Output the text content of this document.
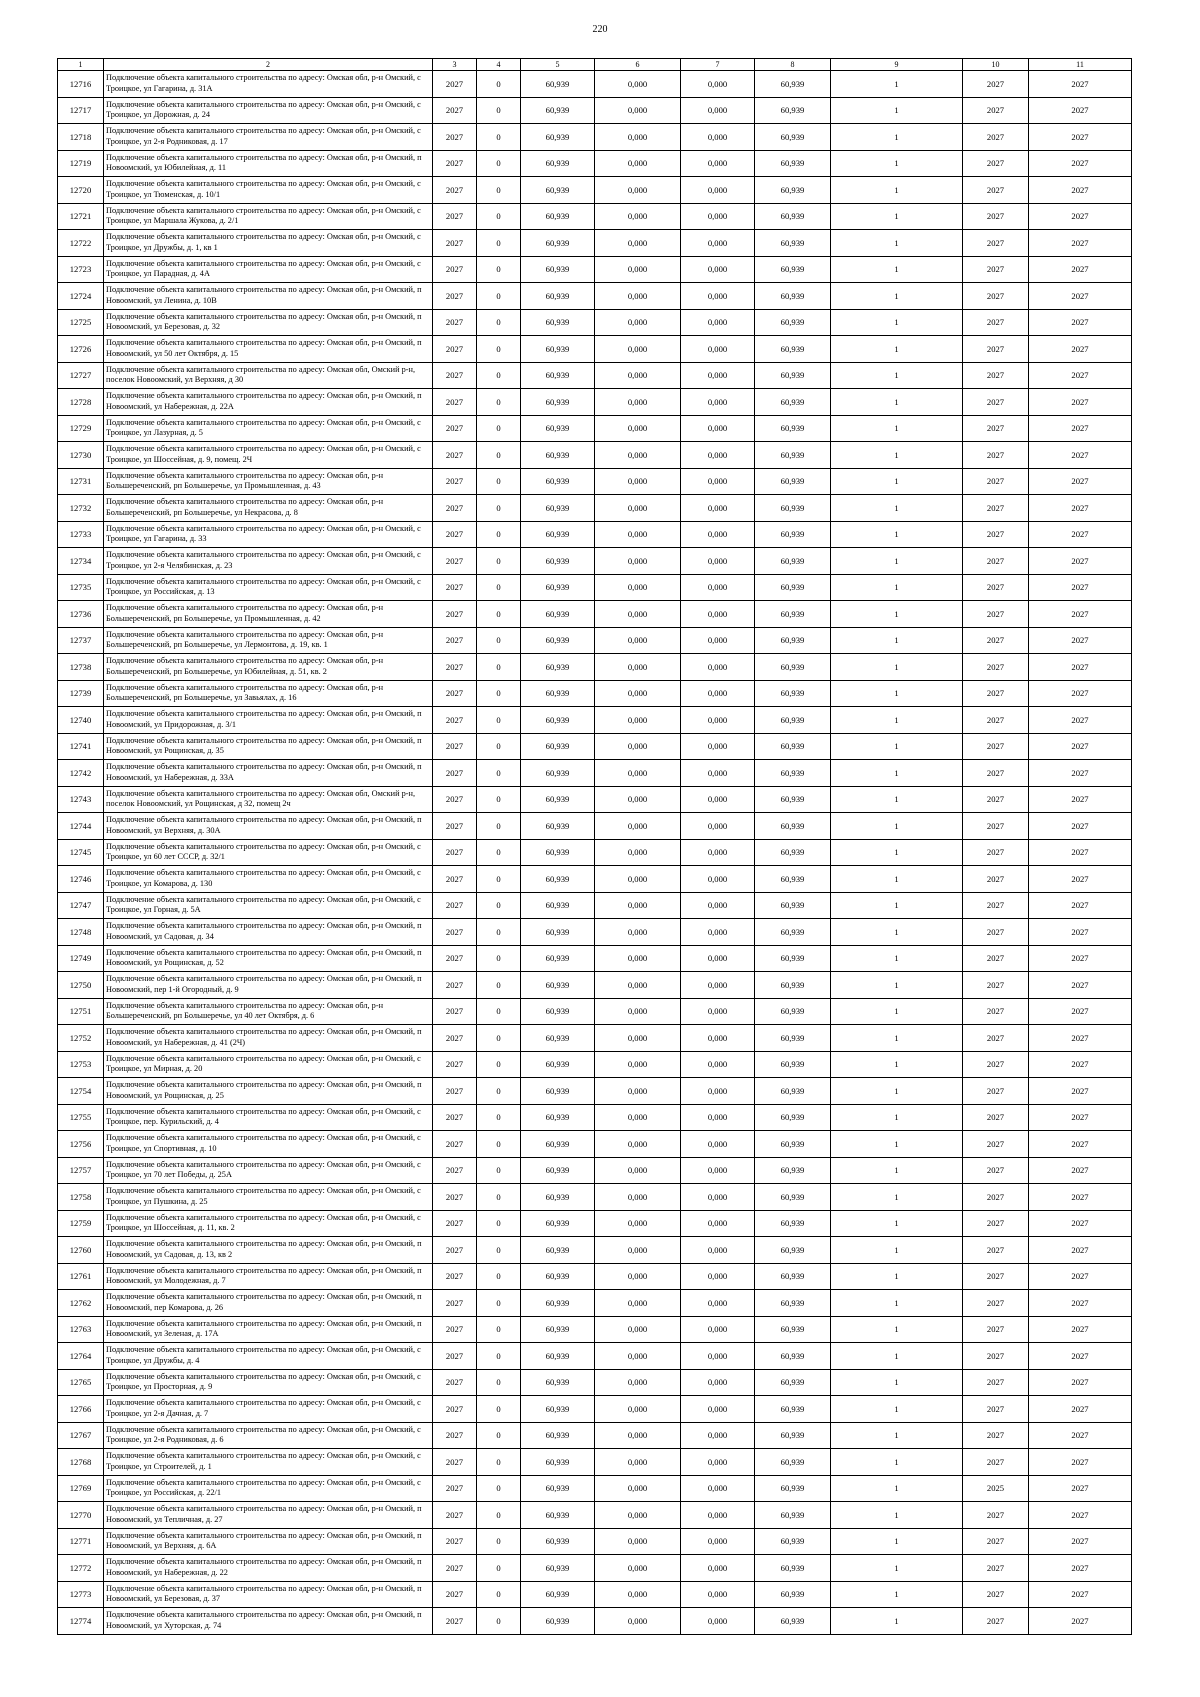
220
1	2	3	4	5	6	7	8	9	10	11
12716	Подключение объекта капитального строительства по адресу: Омская обл, р-н Омский, с Троицкое, ул Гагарина, д. 31А	2027	0	60,939	0,000	0,000	60,939	1	2027	2027
12717	Подключение объекта капитального строительства по адресу: Омская обл, р-н Омский, с Троицкое, ул Дорожная, д. 24	2027	0	60,939	0,000	0,000	60,939	1	2027	2027
12718	Подключение объекта капитального строительства по адресу: Омская обл, р-н Омский, с Троицкое, ул 2-я Родниковая, д. 17	2027	0	60,939	0,000	0,000	60,939	1	2027	2027
12719	Подключение объекта капитального строительства по адресу: Омская обл, р-н Омский, п Новоомский, ул Юбилейная, д. 11	2027	0	60,939	0,000	0,000	60,939	1	2027	2027
12720	Подключение объекта капитального строительства по адресу: Омская обл, р-н Омский, с Троицкое, ул Тюменская, д. 10/1	2027	0	60,939	0,000	0,000	60,939	1	2027	2027
12721	Подключение объекта капитального строительства по адресу: Омская обл, р-н Омский, с Троицкое, ул Маршала Жукова, д. 2/1	2027	0	60,939	0,000	0,000	60,939	1	2027	2027
12722	Подключение объекта капитального строительства по адресу: Омская обл, р-н Омский, с Троицкое, ул Дружбы, д. 1, кв 1	2027	0	60,939	0,000	0,000	60,939	1	2027	2027
12723	Подключение объекта капитального строительства по адресу: Омская обл, р-н Омский, с Троицкое, ул Парадная, д. 4А	2027	0	60,939	0,000	0,000	60,939	1	2027	2027
12724	Подключение объекта капитального строительства по адресу: Омская обл, р-н Омский, п Новоомский, ул Ленина, д. 10В	2027	0	60,939	0,000	0,000	60,939	1	2027	2027
12725	Подключение объекта капитального строительства по адресу: Омская обл, р-н Омский, п Новоомский, ул Березовая, д. 32	2027	0	60,939	0,000	0,000	60,939	1	2027	2027
12726	Подключение объекта капитального строительства по адресу: Омская обл, р-н Омский, п Новоомский, ул 50 лет Октября, д. 15	2027	0	60,939	0,000	0,000	60,939	1	2027	2027
12727	Подключение объекта капитального строительства по адресу: Омская обл, Омский р-н, поселок Новоомский, ул Верхняя, д 30	2027	0	60,939	0,000	0,000	60,939	1	2027	2027
12728	Подключение объекта капитального строительства по адресу: Омская обл, р-н Омский, п Новоомский, ул Набережная, д. 22А	2027	0	60,939	0,000	0,000	60,939	1	2027	2027
12729	Подключение объекта капитального строительства по адресу: Омская обл, р-н Омский, с Троицкое, ул Лазурная, д. 5	2027	0	60,939	0,000	0,000	60,939	1	2027	2027
12730	Подключение объекта капитального строительства по адресу: Омская обл, р-н Омский, с Троицкое, ул Шоссейная, д. 9, помещ. 2Ч	2027	0	60,939	0,000	0,000	60,939	1	2027	2027
12731	Подключение объекта капитального строительства по адресу: Омская обл, р-н Большереченский, рп Большеречье, ул Промышленная, д. 43	2027	0	60,939	0,000	0,000	60,939	1	2027	2027
12732	Подключение объекта капитального строительства по адресу: Омская обл, р-н Большереченский, рп Большеречье, ул Некрасова, д. 8	2027	0	60,939	0,000	0,000	60,939	1	2027	2027
12733	Подключение объекта капитального строительства по адресу: Омская обл, р-н Омский, с Троицкое, ул Гагарина, д. 33	2027	0	60,939	0,000	0,000	60,939	1	2027	2027
12734	Подключение объекта капитального строительства по адресу: Омская обл, р-н Омский, с Троицкое, ул 2-я Челябинская, д. 23	2027	0	60,939	0,000	0,000	60,939	1	2027	2027
12735	Подключение объекта капитального строительства по адресу: Омская обл, р-н Омский, с Троицкое, ул Российская, д. 13	2027	0	60,939	0,000	0,000	60,939	1	2027	2027
12736	Подключение объекта капитального строительства по адресу: Омская обл, р-н Большереченский, рп Большеречье, ул Промышленная, д. 42	2027	0	60,939	0,000	0,000	60,939	1	2027	2027
12737	Подключение объекта капитального строительства по адресу: Омская обл, р-н Большереченский, рп Большеречье, ул Лермонтова, д. 19, кв. 1	2027	0	60,939	0,000	0,000	60,939	1	2027	2027
12738	Подключение объекта капитального строительства по адресу: Омская обл, р-н Большереченский, рп Большеречье, ул Юбилейная, д. 51, кв. 2	2027	0	60,939	0,000	0,000	60,939	1	2027	2027
12739	Подключение объекта капитального строительства по адресу: Омская обл, р-н Большереченский, рп Большеречье, ул Завьялах, д. 16	2027	0	60,939	0,000	0,000	60,939	1	2027	2027
12740	Подключение объекта капитального строительства по адресу: Омская обл, р-н Омский, п Новоомский, ул Придорожная, д. 3/1	2027	0	60,939	0,000	0,000	60,939	1	2027	2027
12741	Подключение объекта капитального строительства по адресу: Омская обл, р-н Омский, п Новоомский, ул Рощинская, д. 35	2027	0	60,939	0,000	0,000	60,939	1	2027	2027
12742	Подключение объекта капитального строительства по адресу: Омская обл, р-н Омский, п Новоомский, ул Набережная, д. 33А	2027	0	60,939	0,000	0,000	60,939	1	2027	2027
12743	Подключение объекта капитального строительства по адресу: Омская обл, Омский р-н, поселок Новоомский, ул Рощинская, д 32, помещ 2ч	2027	0	60,939	0,000	0,000	60,939	1	2027	2027
12744	Подключение объекта капитального строительства по адресу: Омская обл, р-н Омский, п Новоомский, ул Верхняя, д. 30А	2027	0	60,939	0,000	0,000	60,939	1	2027	2027
12745	Подключение объекта капитального строительства по адресу: Омская обл, р-н Омский, с Троицкое, ул 60 лет СССР, д. 32/1	2027	0	60,939	0,000	0,000	60,939	1	2027	2027
12746	Подключение объекта капитального строительства по адресу: Омская обл, р-н Омский, с Троицкое, ул Комарова, д. 130	2027	0	60,939	0,000	0,000	60,939	1	2027	2027
12747	Подключение объекта капитального строительства по адресу: Омская обл, р-н Омский, с Троицкое, ул Горная, д. 5А	2027	0	60,939	0,000	0,000	60,939	1	2027	2027
12748	Подключение объекта капитального строительства по адресу: Омская обл, р-н Омский, п Новоомский, ул Садовая, д. 34	2027	0	60,939	0,000	0,000	60,939	1	2027	2027
12749	Подключение объекта капитального строительства по адресу: Омская обл, р-н Омский, п Новоомский, ул Рощинская, д. 52	2027	0	60,939	0,000	0,000	60,939	1	2027	2027
12750	Подключение объекта капитального строительства по адресу: Омская обл, р-н Омский, п Новоомский, пер 1-й Огородный, д. 9	2027	0	60,939	0,000	0,000	60,939	1	2027	2027
12751	Подключение объекта капитального строительства по адресу: Омская обл, р-н Большереченский, рп Большеречье, ул 40 лет Октября, д. 6	2027	0	60,939	0,000	0,000	60,939	1	2027	2027
12752	Подключение объекта капитального строительства по адресу: Омская обл, р-н Омский, п Новоомский, ул Набережная, д. 41 (2Ч)	2027	0	60,939	0,000	0,000	60,939	1	2027	2027
12753	Подключение объекта капитального строительства по адресу: Омская обл, р-н Омский, с Троицкое, ул Мирная, д. 20	2027	0	60,939	0,000	0,000	60,939	1	2027	2027
12754	Подключение объекта капитального строительства по адресу: Омская обл, р-н Омский, п Новоомский, ул Рощинская, д. 25	2027	0	60,939	0,000	0,000	60,939	1	2027	2027
12755	Подключение объекта капитального строительства по адресу: Омская обл, р-н Омский, с Троицкое, пер. Курильский, д. 4	2027	0	60,939	0,000	0,000	60,939	1	2027	2027
12756	Подключение объекта капитального строительства по адресу: Омская обл, р-н Омский, с Троицкое, ул Спортивная, д. 10	2027	0	60,939	0,000	0,000	60,939	1	2027	2027
12757	Подключение объекта капитального строительства по адресу: Омская обл, р-н Омский, с Троицкое, ул 70 лет Победы, д. 25А	2027	0	60,939	0,000	0,000	60,939	1	2027	2027
12758	Подключение объекта капитального строительства по адресу: Омская обл, р-н Омский, с Троицкое, ул Пушкина, д. 25	2027	0	60,939	0,000	0,000	60,939	1	2027	2027
12759	Подключение объекта капитального строительства по адресу: Омская обл, р-н Омский, с Троицкое, ул Шоссейная, д. 11, кв. 2	2027	0	60,939	0,000	0,000	60,939	1	2027	2027
12760	Подключение объекта капитального строительства по адресу: Омская обл, р-н Омский, п Новоомский, ул Садовая, д. 13, кв 2	2027	0	60,939	0,000	0,000	60,939	1	2027	2027
12761	Подключение объекта капитального строительства по адресу: Омская обл, р-н Омский, п Новоомский, ул Молодежная, д. 7	2027	0	60,939	0,000	0,000	60,939	1	2027	2027
12762	Подключение объекта капитального строительства по адресу: Омская обл, р-н Омский, п Новоомский, пер Комарова, д. 26	2027	0	60,939	0,000	0,000	60,939	1	2027	2027
12763	Подключение объекта капитального строительства по адресу: Омская обл, р-н Омский, п Новоомский, ул Зеленая, д. 17А	2027	0	60,939	0,000	0,000	60,939	1	2027	2027
12764	Подключение объекта капитального строительства по адресу: Омская обл, р-н Омский, с Троицкое, ул Дружбы, д. 4	2027	0	60,939	0,000	0,000	60,939	1	2027	2027
12765	Подключение объекта капитального строительства по адресу: Омская обл, р-н Омский, с Троицкое, ул Просторная, д. 9	2027	0	60,939	0,000	0,000	60,939	1	2027	2027
12766	Подключение объекта капитального строительства по адресу: Омская обл, р-н Омский, с Троицкое, ул 2-я Дачная, д. 7	2027	0	60,939	0,000	0,000	60,939	1	2027	2027
12767	Подключение объекта капитального строительства по адресу: Омская обл, р-н Омский, с Троицкое, ул 2-я Родниковая, д. 6	2027	0	60,939	0,000	0,000	60,939	1	2027	2027
12768	Подключение объекта капитального строительства по адресу: Омская обл, р-н Омский, с Троицкое, ул Строителей, д. 1	2027	0	60,939	0,000	0,000	60,939	1	2027	2027
12769	Подключение объекта капитального строительства по адресу: Омская обл, р-н Омский, с Троицкое, ул Российская, д. 22/1	2027	0	60,939	0,000	0,000	60,939	1	2025	2027
12770	Подключение объекта капитального строительства по адресу: Омская обл, р-н Омский, п Новоомский, ул Тепличная, д. 27	2027	0	60,939	0,000	0,000	60,939	1	2027	2027
12771	Подключение объекта капитального строительства по адресу: Омская обл, р-н Омский, п Новоомский, ул Верхняя, д. 6А	2027	0	60,939	0,000	0,000	60,939	1	2027	2027
12772	Подключение объекта капитального строительства по адресу: Омская обл, р-н Омский, п Новоомский, ул Набережная, д. 22	2027	0	60,939	0,000	0,000	60,939	1	2027	2027
12773	Подключение объекта капитального строительства по адресу: Омская обл, р-н Омский, п Новоомский, ул Березовая, д. 37	2027	0	60,939	0,000	0,000	60,939	1	2027	2027
12774	Подключение объекта капитального строительства по адресу: Омская обл, р-н Омский, п Новоомский, ул Хуторская, д. 74	2027	0	60,939	0,000	0,000	60,939	1	2027	2027
